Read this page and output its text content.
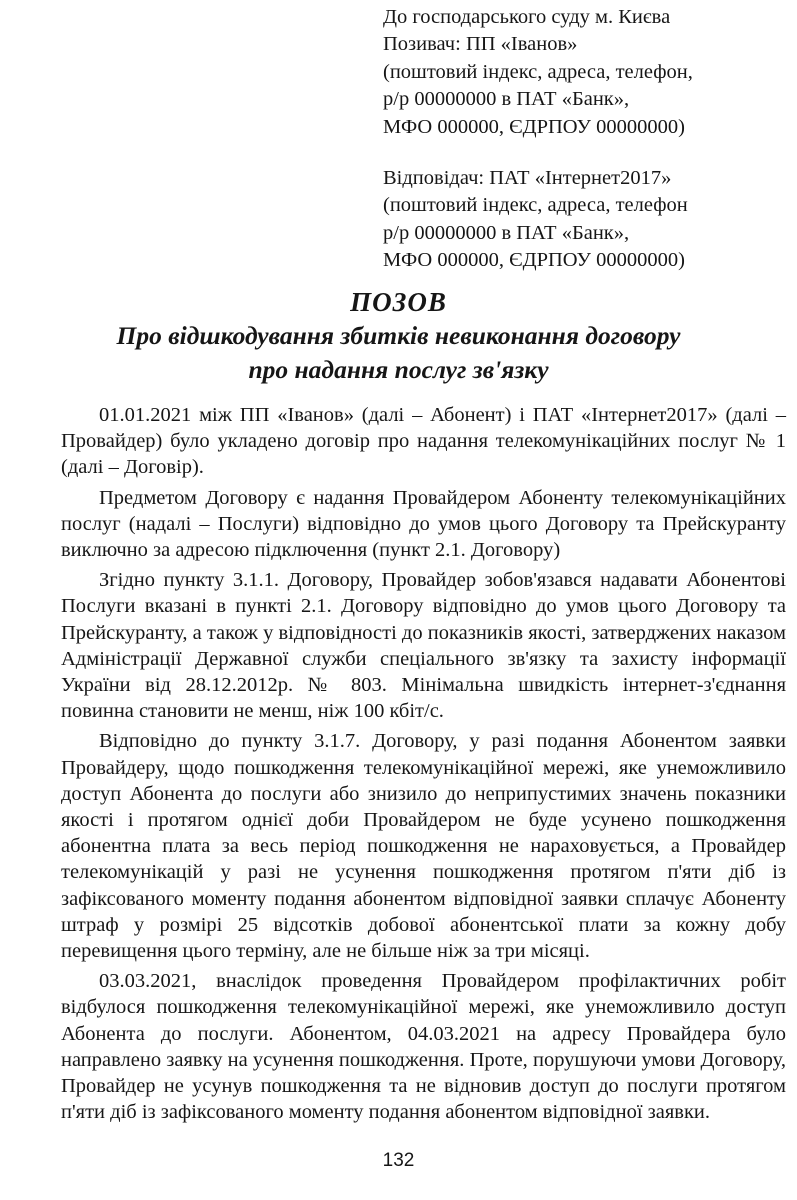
До господарського суду м. Києва
Позивач: ПП «Іванов»
(поштовий індекс, адреса, телефон,
р/р 00000000 в ПАТ «Банк»,
МФО 000000, ЄДРПОУ 00000000)
Відповідач: ПАТ «Інтернет2017»
(поштовий індекс, адреса, телефон
р/р 00000000 в ПАТ «Банк»,
МФО 000000, ЄДРПОУ 00000000)
ПОЗОВ
Про відшкодування збитків невиконання договору
про надання послуг зв'язку

01.01.2021 між ПП «Іванов» (далі – Абонент) і ПАТ «Інтернет2017» (далі – Провайдер) було укладено договір про надання телекомунікаційних послуг № 1 (далі – Договір).

Предметом Договору є надання Провайдером Абоненту телекомунікаційних послуг (надалі – Послуги) відповідно до умов цього Договору та Прейскуранту виключно за адресою підключення (пункт 2.1. Договору)

Згідно пункту 3.1.1. Договору, Провайдер зобов'язався надавати Абонентові Послуги вказані в пункті 2.1. Договору відповідно до умов цього Договору та Прейскуранту, а також у відповідності до показників якості, затверджених наказом Адміністрації Державної служби спеціального зв'язку та захисту інформації України від 28.12.2012р. № 803. Мінімальна швидкість інтернет-з'єднання повинна становити не менш, ніж 100 кбіт/с.

Відповідно до пункту 3.1.7. Договору, у разі подання Абонентом заявки Провайдеру, щодо пошкодження телекомунікаційної мережі, яке унеможливило доступ Абонента до послуги або знизило до неприпустимих значень показники якості і протягом однієї доби Провайдером не буде усунено пошкодження абонентна плата за весь період пошкодження не нараховується, а Провайдер телекомунікацій у разі не усунення пошкодження протягом п'яти діб із зафіксованого моменту подання абонентом відповідної заявки сплачує Абоненту штраф у розмірі 25 відсотків добової абонентської плати за кожну добу перевищення цього терміну, але не більше ніж за три місяці.

03.03.2021, внаслідок проведення Провайдером профілактичних робіт відбулося пошкодження телекомунікаційної мережі, яке унеможливило доступ Абонента до послуги. Абонентом, 04.03.2021 на адресу Провайдера було направлено заявку на усунення пошкодження. Проте, порушуючи умови Договору, Провайдер не усунув пошкодження та не відновив доступ до послуги протягом п'яти діб із зафіксованого моменту подання абонентом відповідної заявки.

132
